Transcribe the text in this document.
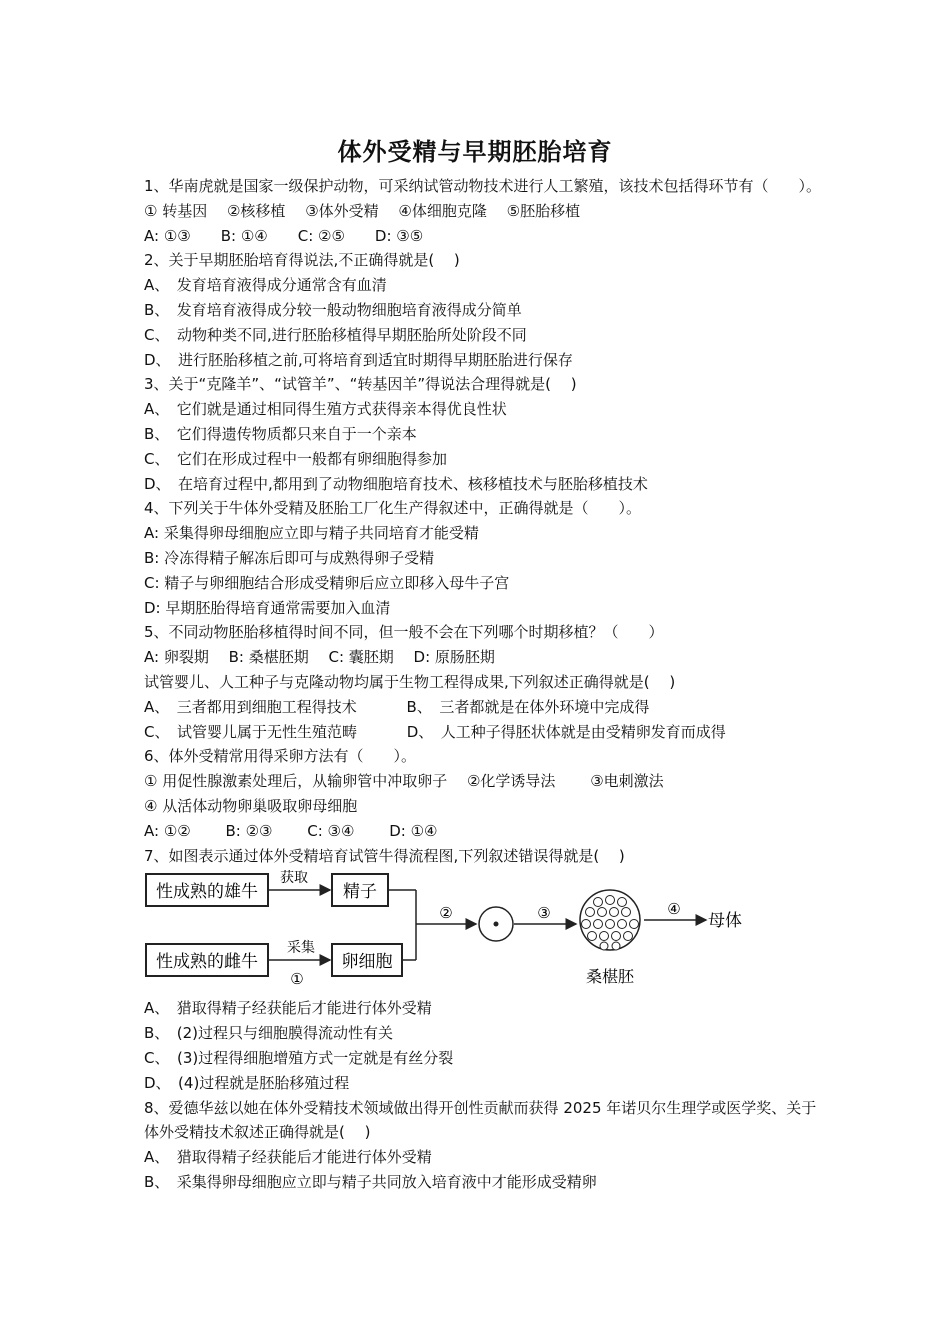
体外受精与早期胚胎培育
1、华南虎就是国家一级保护动物，可采纳试管动物技术进行人工繁殖，该技术包括得环节有（　　）。
① 转基因　 ②核移植　 ③体外受精　 ④体细胞克隆　 ⑤胚胎移植
A: ①③　　B: ①④　　C: ②⑤　　D: ③⑤
2、关于早期胚胎培育得说法,不正确得就是(　 )
A、　发育培育液得成分通常含有血清
B、　发育培育液得成分较一般动物细胞培育液得成分简单
C、　动物种类不同,进行胚胎移植得早期胚胎所处阶段不同
D、　进行胚胎移植之前,可将培育到适宜时期得早期胚胎进行保存
3、关于“克隆羊”、“试管羊”、“转基因羊”得说法合理得就是(　 )
A、　它们就是通过相同得生殖方式获得亲本得优良性状
B、　它们得遗传物质都只来自于一个亲本
C、　它们在形成过程中一般都有卵细胞得参加
D、　在培育过程中,都用到了动物细胞培育技术、核移植技术与胚胎移植技术
4、下列关于牛体外受精及胚胎工厂化生产得叙述中，正确得就是（　　）。
A: 采集得卵母细胞应立即与精子共同培育才能受精
B: 冷冻得精子解冻后即可与成熟得卵子受精
C: 精子与卵细胞结合形成受精卵后应立即移入母牛子宫
D: 早期胚胎得培育通常需要加入血清
5、不同动物胚胎移植得时间不同，但一般不会在下列哪个时期移植？（　　）
A: 卵裂期　 B: 桑椹胚期　 C: 囊胚期　 D: 原肠胚期
试管婴儿、人工种子与克隆动物均属于生物工程得成果,下列叙述正确得就是(　 )
A、　三者都用到细胞工程得技术　　　 B、　三者都就是在体外环境中完成得
C、　试管婴儿属于无性生殖范畴　　　 D、　人工种子得胚状体就是由受精卵发育而成得
6、体外受精常用得采卵方法有（　　）。
① 用促性腺激素处理后，从输卵管中冲取卵子　 ②化学诱导法　　 ③电刺激法
④ 从活体动物卵巢吸取卵母细胞
A: ①②　　 B: ②③　　 C: ③④　　 D: ①④
7、如图表示通过体外受精培育试管牛得流程图,下列叙述错误得就是(　 )
性成熟的雄牛
获取
精子
性成熟的雌牛
采集
①
卵细胞
②	③
桑椹胚
④
母体
A、　猎取得精子经获能后才能进行体外受精
B、　(2)过程只与细胞膜得流动性有关
C、　(3)过程得细胞增殖方式一定就是有丝分裂
D、　(4)过程就是胚胎移殖过程
8、爱德华兹以她在体外受精技术领域做出得开创性贡献而获得 2025 年诺贝尔生理学或医学奖、关于体外受精技术叙述正确得就是(　 )
A、　猎取得精子经获能后才能进行体外受精
B、　采集得卵母细胞应立即与精子共同放入培育液中才能形成受精卵
